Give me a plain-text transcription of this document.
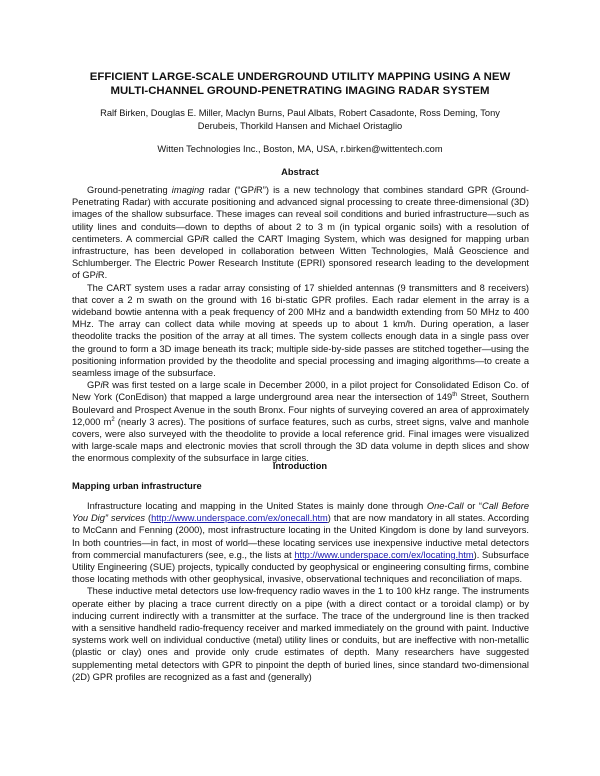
EFFICIENT LARGE-SCALE UNDERGROUND UTILITY MAPPING USING A NEW
MULTI-CHANNEL GROUND-PENETRATING IMAGING RADAR SYSTEM
Ralf Birken, Douglas E. Miller, Maclyn Burns, Paul Albats, Robert Casadonte, Ross Deming, Tony
Derubeis, Thorkild Hansen and Michael Oristaglio
Witten Technologies Inc., Boston, MA, USA, r.birken@wittentech.com
Abstract

Ground-penetrating imaging radar (“GPiR”) is a new technology that combines standard GPR (Ground-Penetrating Radar) with accurate positioning and advanced signal processing to create three-dimensional (3D) images of the shallow subsurface. These images can reveal soil conditions and buried infrastructure—such as utility lines and conduits—down to depths of about 2 to 3 m (in typical organic soils) with a resolution of centimeters. A commercial GPiR called the CART Imaging System, which was designed for mapping urban infrastructure, has been developed in collaboration between Witten Technologies, Malå Geoscience and Schlumberger. The Electric Power Research Institute (EPRI) sponsored research leading to the development of GPiR.

The CART system uses a radar array consisting of 17 shielded antennas (9 transmitters and 8 receivers) that cover a 2 m swath on the ground with 16 bi-static GPR profiles. Each radar element in the array is a wideband bowtie antenna with a peak frequency of 200 MHz and a bandwidth extending from 50 MHz to 400 MHz. The array can collect data while moving at speeds up to about 1 km/h. During operation, a laser theodolite tracks the position of the array at all times. The system collects enough data in a single pass over the ground to form a 3D image beneath its track; multiple side-by-side passes are stitched together—using the positioning information provided by the theodolite and special processing and imaging algorithms—to create a seamless image of the subsurface.

GPiR was first tested on a large scale in December 2000, in a pilot project for Consolidated Edison Co. of New York (ConEdison) that mapped a large underground area near the intersection of 149th Street, Southern Boulevard and Prospect Avenue in the south Bronx. Four nights of surveying covered an area of approximately 12,000 $m^2$ (nearly 3 acres). The positions of surface features, such as curbs, street signs, valve and manhole covers, were also surveyed with the theodolite to provide a local reference grid. Final images were visualized with large-scale maps and electronic movies that scroll through the 3D data volume in depth slices and show the enormous complexity of the subsurface in large cities.

Introduction
Mapping urban infrastructure

Infrastructure locating and mapping in the United States is mainly done through One-Call or “Call Before You Dig” services (http://www.underspace.com/ex/onecall.htm) that are now mandatory in all states. According to McCann and Fenning (2000), most infrastructure locating in the United Kingdom is done by land surveyors. In both countries—in fact, in most of world—these locating services use inexpensive inductive metal detectors from commercial manufacturers (see, e.g., the lists at http://www.underspace.com/ex/locating.htm). Subsurface Utility Engineering (SUE) projects, typically conducted by geophysical or engineering consulting firms, combine those locating methods with other geophysical, invasive, observational techniques and reconciliation of maps.

These inductive metal detectors use low-frequency radio waves in the 1 to 100 kHz range. The instruments operate either by placing a trace current directly on a pipe (with a direct contact or a toroidal clamp) or by inducing current indirectly with a transmitter at the surface. The trace of the underground line is then tracked with a sensitive handheld radio-frequency receiver and marked immediately on the ground with paint. Inductive systems work well on individual conductive (metal) utility lines or conduits, but are ineffective with non-metallic (plastic or clay) ones and provide only crude estimates of depth. Many researchers have suggested supplementing metal detectors with GPR to pinpoint the depth of buried lines, since standard two-dimensional (2D) GPR profiles are recognized as a fast and (generally)
